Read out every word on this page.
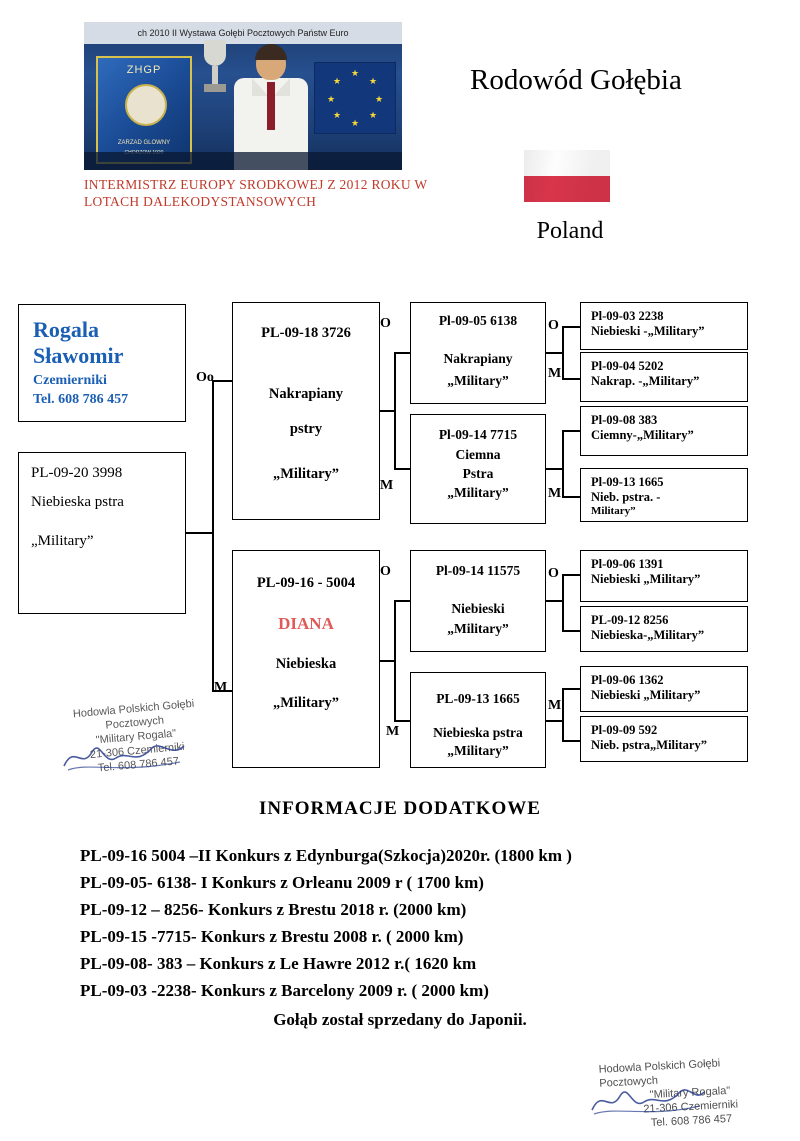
ch 2010 II Wystawa Gołębi Pocztowych Państw Euro
ZHGP
ZARZAD GLOWNY
★
★
★
★
★
★
★
★
INTERMISTRZ EUROPY SRODKOWEJ Z 2012 ROKU W LOTACH DALEKODYSTANSOWYCH
Rodowód Gołębia
Poland
Rogala
Sławomir
Czemierniki
Tel. 608 786 457
PL-09-20 3998
Niebieska pstra
„Military”
PL-09-18 3726
Nakrapiany
pstry
„Military”
PL-09-16 - 5004
DIANA
Niebieska
„Military”
Pl-09-05 6138
Nakrapiany
„Military”
Pl-09-14 7715
Ciemna
Pstra
„Military”
Pl-09-14 11575
Niebieski
„Military”
PL-09-13 1665
Niebieska pstra
„Military”
Pl-09-03 2238
Niebieski -„Military”
Pl-09-04 5202
Nakrap. -„Military”
Pl-09-08 383
Ciemny-„Military”
Pl-09-13 1665
Nieb. pstra. -
Military”
Pl-09-06 1391
Niebieski „Military”
PL-09-12 8256
Niebieska-„Military”
Pl-09-06 1362
Niebieski „Military”
Pl-09-09 592
Nieb. pstra„Military”
Oo
M
O
M
O
M
O
M
M
O
M
Hodowla Polskich Gołębi Pocztowych
"Military Rogala"
21-306 Czemierniki
Tel. 608 786 457
INFORMACJE DODATKOWE
PL-09-16 5004 –II Konkurs z Edynburga(Szkocja)2020r. (1800 km )
PL-09-05- 6138- I Konkurs z Orleanu 2009 r ( 1700 km)
PL-09-12 – 8256- Konkurs z Brestu 2018 r. (2000 km)
PL-09-15 -7715- Konkurs z Brestu 2008 r. ( 2000 km)
PL-09-08- 383 – Konkurs z Le Hawre 2012 r.( 1620 km
PL-09-03 -2238- Konkurs z Barcelony 2009 r. ( 2000 km)
Gołąb został sprzedany do Japonii.
Hodowla Polskich Gołębi Pocztowych
"Military Rogala"
21-306 Czemierniki
Tel. 608 786 457
